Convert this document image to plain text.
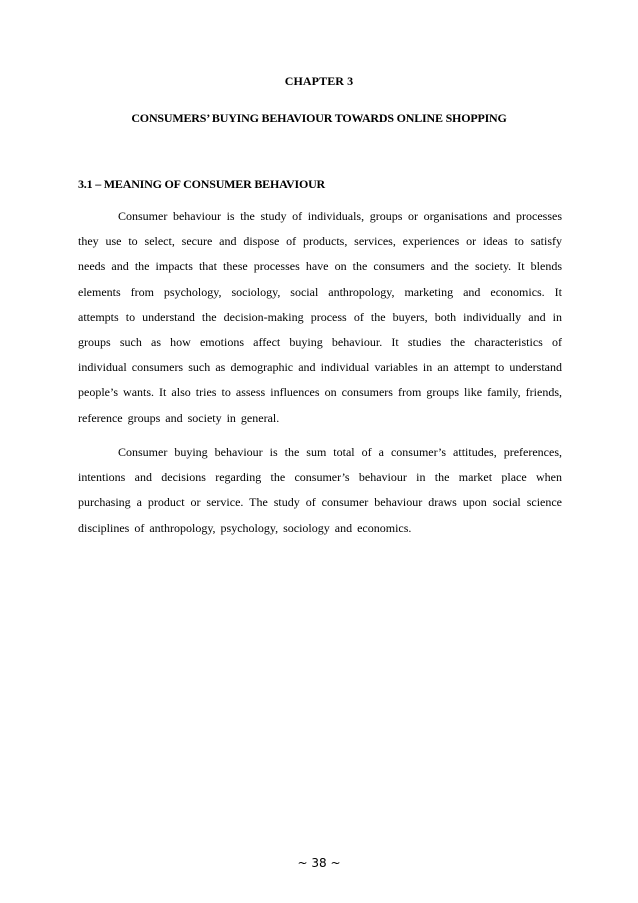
CHAPTER 3
CONSUMERS’ BUYING BEHAVIOUR TOWARDS ONLINE SHOPPING
3.1 – MEANING OF CONSUMER BEHAVIOUR

Consumer behaviour is the study of individuals, groups or organisations and processes they use to select, secure and dispose of products, services, experiences or ideas to satisfy needs and the impacts that these processes have on the consumers and the society. It blends elements from psychology, sociology, social anthropology, marketing and economics. It attempts to understand the decision-making process of the buyers, both individually and in groups such as how emotions affect buying behaviour. It studies the characteristics of individual consumers such as demographic and individual variables in an attempt to understand people’s wants. It also tries to assess influences on consumers from groups like family, friends, reference groups and society in general.

Consumer buying behaviour is the sum total of a consumer’s attitudes, preferences, intentions and decisions regarding the consumer’s behaviour in the market place when purchasing a product or service. The study of consumer behaviour draws upon social science disciplines of anthropology, psychology, sociology and economics.

~ 38 ~
